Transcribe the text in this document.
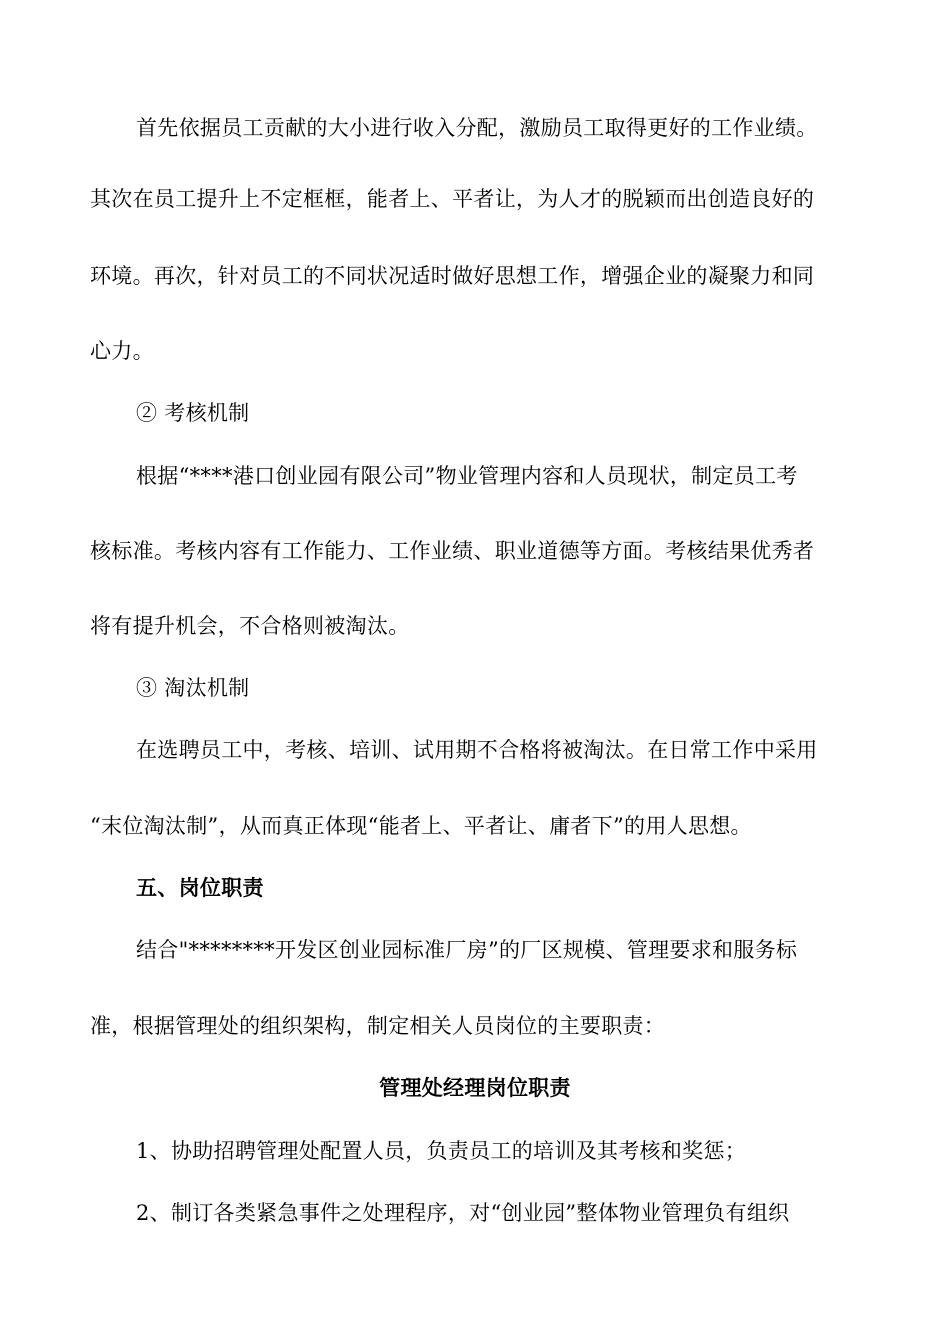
首先依据员工贡献的大小进行收入分配，激励员工取得更好的工作业绩。

其次在员工提升上不定框框，能者上、平者让，为人才的脱颖而出创造良好的

环境。再次，针对员工的不同状况适时做好思想工作，增强企业的凝聚力和同

心力。

② 考核机制

根据“****港口创业园有限公司”物业管理内容和人员现状，制定员工考

核标准。考核内容有工作能力、工作业绩、职业道德等方面。考核结果优秀者

将有提升机会，不合格则被淘汰。

③ 淘汰机制

在选聘员工中，考核、培训、试用期不合格将被淘汰。在日常工作中采用

“末位淘汰制”，从而真正体现“能者上、平者让、庸者下”的用人思想。

五、岗位职责

结合"********开发区创业园标准厂房”的厂区规模、管理要求和服务标

准，根据管理处的组织架构，制定相关人员岗位的主要职责：

管理处经理岗位职责

1、协助招聘管理处配置人员，负责员工的培训及其考核和奖惩；

2、制订各类紧急事件之处理程序，对“创业园”整体物业管理负有组织
